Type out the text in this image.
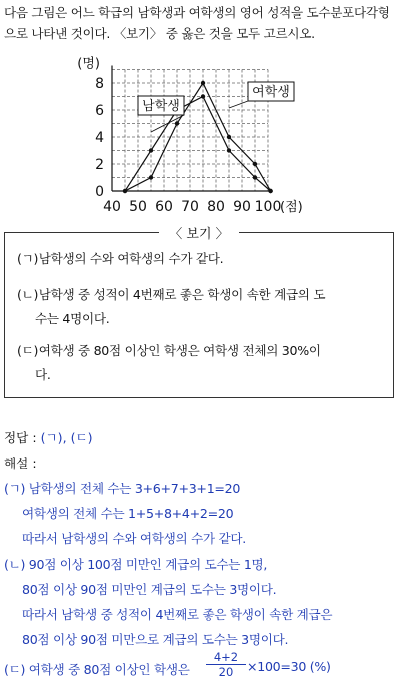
다음 그림은 어느 학급의 남학생과 여학생의 영어 성적을 도수분포다각형으로 나타낸 것이다. 〈보기〉 중 옳은 것을 모두 고르시오.
0
2
4
6
8
40 50 60 70 80 90 100
(명)
(점)
남학생
여학생
〈 보기 〉
(ㄱ) 남학생의 수와 여학생의 수가 같다.
(ㄴ) 남학생 중 성적이 4번째로 좋은 학생이 속한 계급의 도
수는 4명이다.
(ㄷ) 여학생 중 80점 이상인 학생은 여학생 전체의 30%이
다.
정답 : (ㄱ), (ㄷ)
해설 :
(ㄱ) 남학생의 전체 수는 3+6+7+3+1=20
여학생의 전체 수는 1+5+8+4+2=20
따라서 남학생의 수와 여학생의 수가 같다.
(ㄴ) 90점 이상 100점 미만인 계급의 도수는 1명,
80점 이상 90점 미만인 계급의 도수는 3명이다.
따라서 남학생 중 성적이 4번째로 좋은 학생이 속한 계급은
80점 이상 90점 미만으로 계급의 도수는 3명이다.
(ㄷ) 여학생 중 80점 이상인 학생은 $\frac{4+2}{20} \times 100=30$ (%)
